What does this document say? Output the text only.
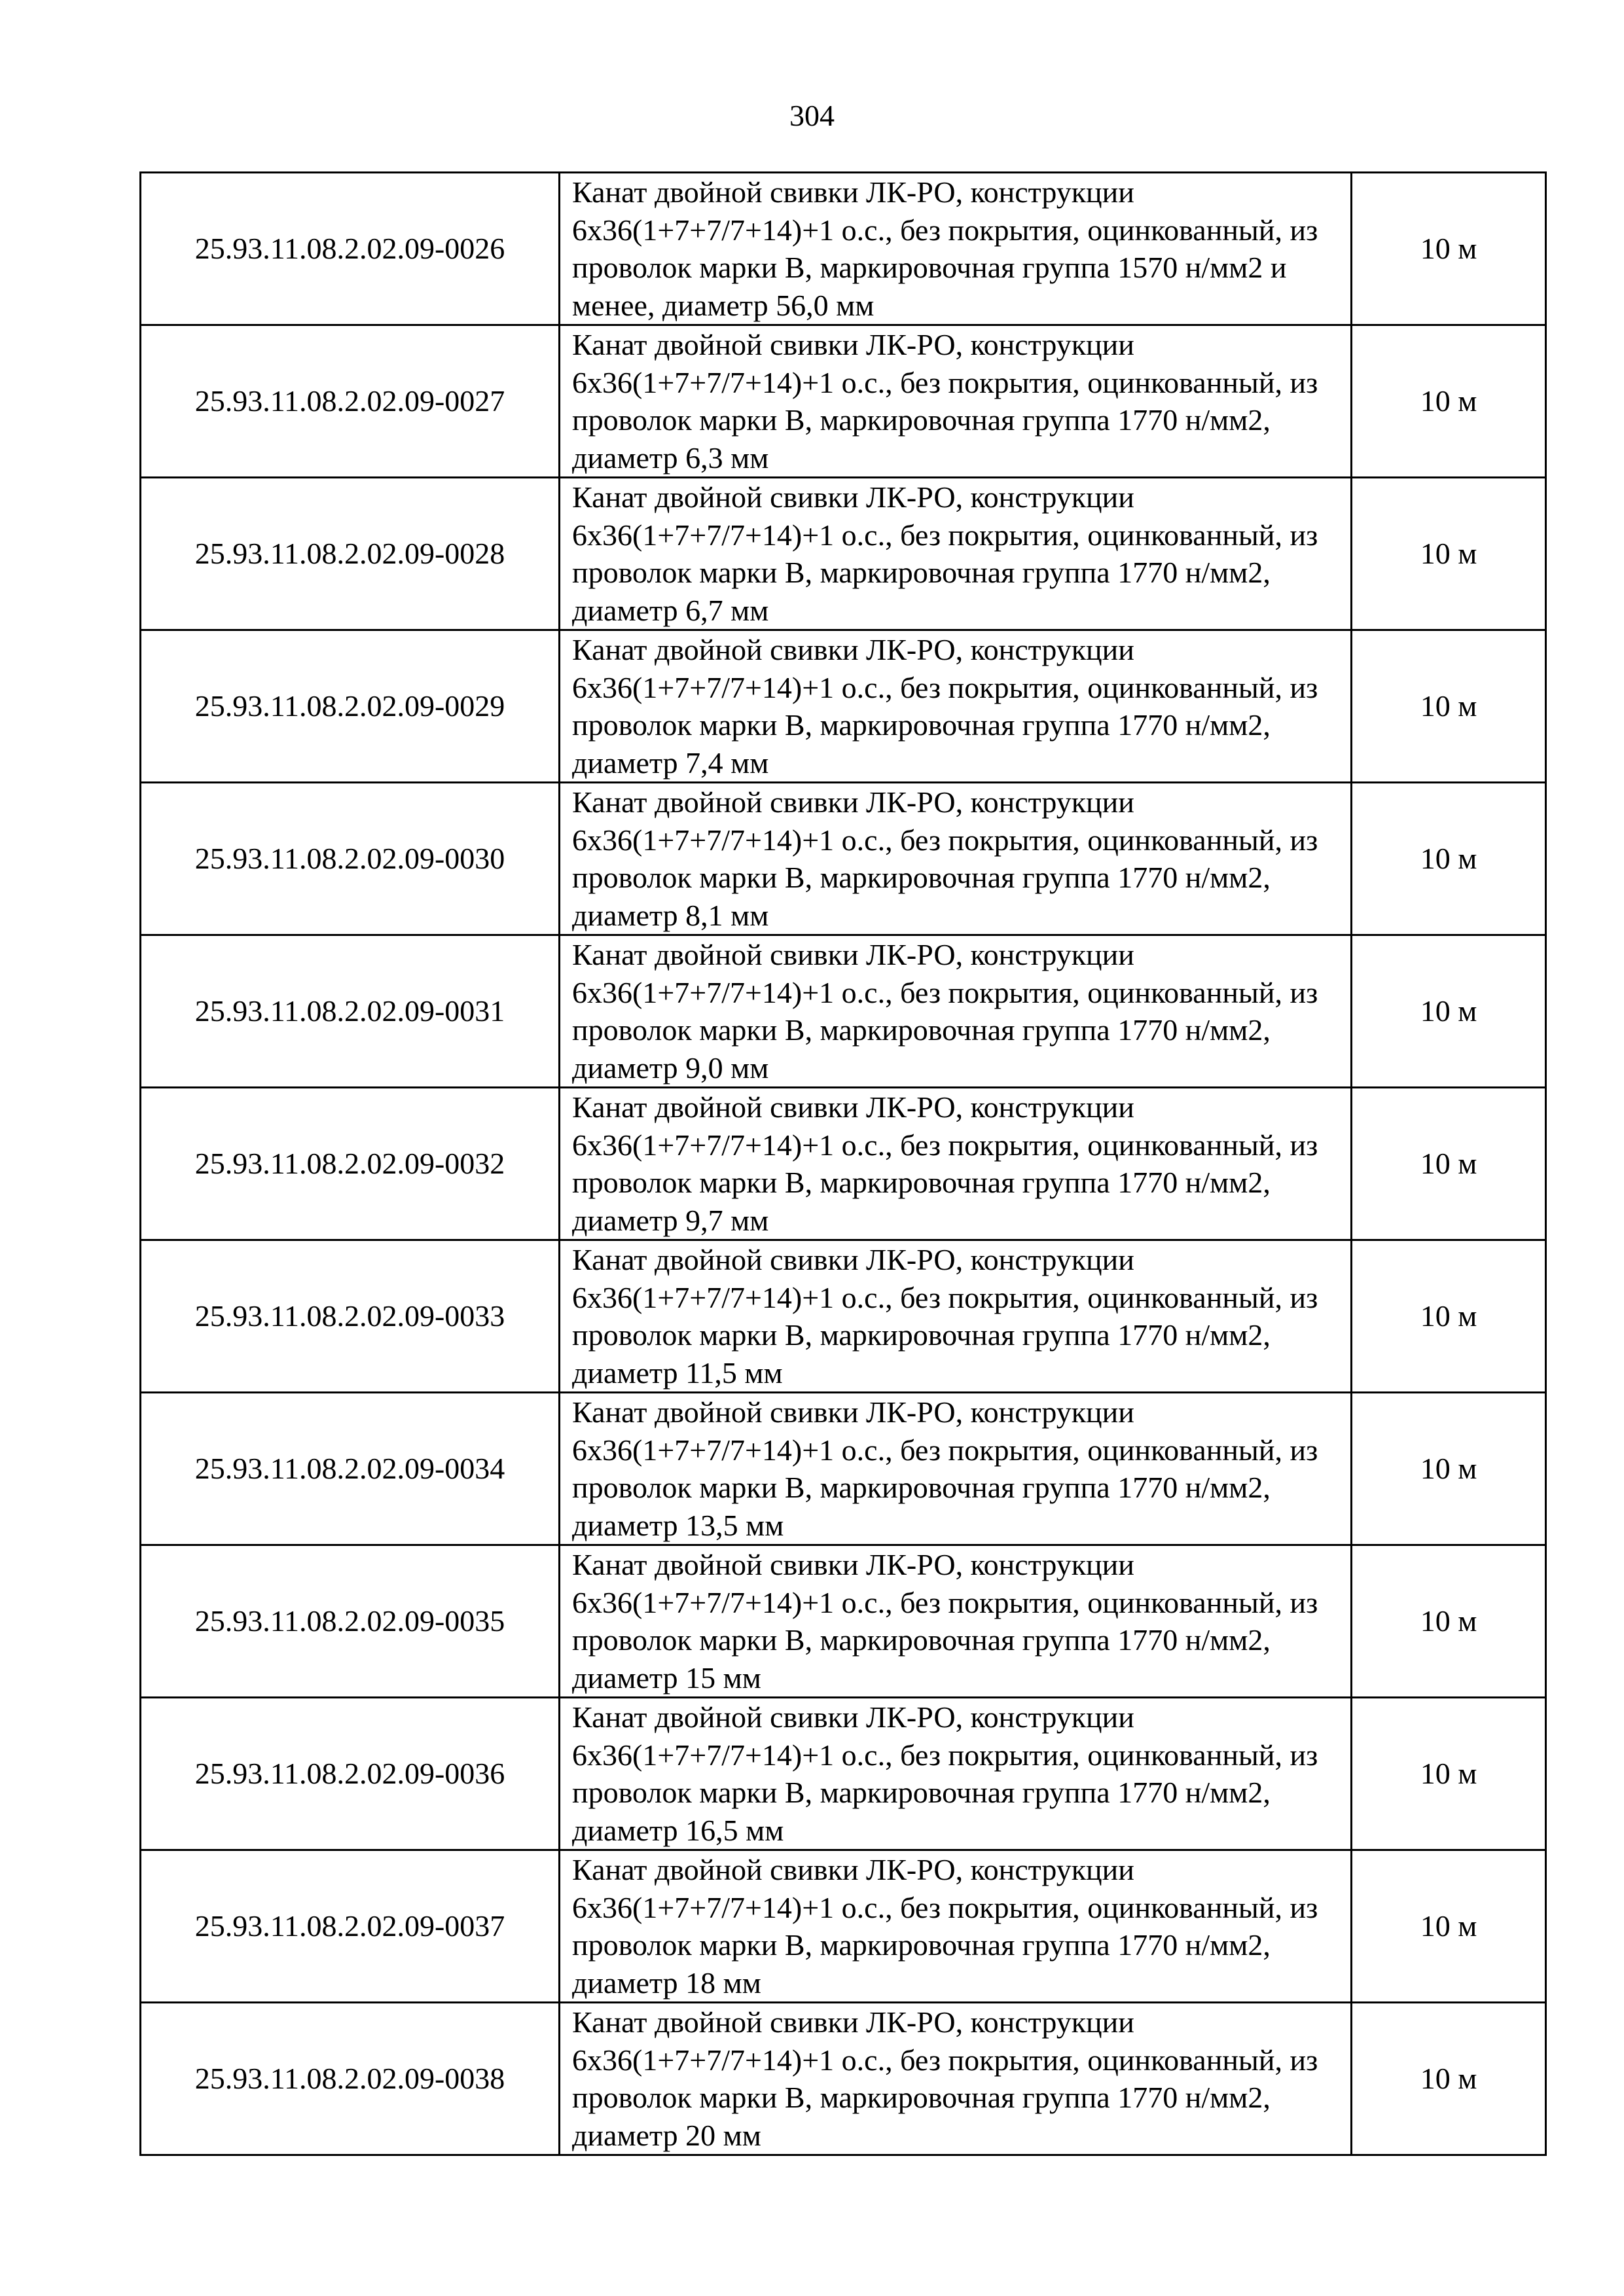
304
25.93.11.08.2.02.09-0026	Канат двойной свивки ЛК-РО, конструкции 6х36(1+7+7/7+14)+1 о.с., без покрытия, оцинкованный, из проволок марки В, маркировочная группа 1570 н/мм2 и менее, диаметр 56,0 мм	10 м
25.93.11.08.2.02.09-0027	Канат двойной свивки ЛК-РО, конструкции 6х36(1+7+7/7+14)+1 о.с., без покрытия, оцинкованный, из проволок марки В, маркировочная группа 1770 н/мм2, диаметр 6,3 мм	10 м
25.93.11.08.2.02.09-0028	Канат двойной свивки ЛК-РО, конструкции 6х36(1+7+7/7+14)+1 о.с., без покрытия, оцинкованный, из проволок марки В, маркировочная группа 1770 н/мм2, диаметр 6,7 мм	10 м
25.93.11.08.2.02.09-0029	Канат двойной свивки ЛК-РО, конструкции 6х36(1+7+7/7+14)+1 о.с., без покрытия, оцинкованный, из проволок марки В, маркировочная группа 1770 н/мм2, диаметр 7,4 мм	10 м
25.93.11.08.2.02.09-0030	Канат двойной свивки ЛК-РО, конструкции 6х36(1+7+7/7+14)+1 о.с., без покрытия, оцинкованный, из проволок марки В, маркировочная группа 1770 н/мм2, диаметр 8,1 мм	10 м
25.93.11.08.2.02.09-0031	Канат двойной свивки ЛК-РО, конструкции 6х36(1+7+7/7+14)+1 о.с., без покрытия, оцинкованный, из проволок марки В, маркировочная группа 1770 н/мм2, диаметр 9,0 мм	10 м
25.93.11.08.2.02.09-0032	Канат двойной свивки ЛК-РО, конструкции 6х36(1+7+7/7+14)+1 о.с., без покрытия, оцинкованный, из проволок марки В, маркировочная группа 1770 н/мм2, диаметр 9,7 мм	10 м
25.93.11.08.2.02.09-0033	Канат двойной свивки ЛК-РО, конструкции 6х36(1+7+7/7+14)+1 о.с., без покрытия, оцинкованный, из проволок марки В, маркировочная группа 1770 н/мм2, диаметр 11,5 мм	10 м
25.93.11.08.2.02.09-0034	Канат двойной свивки ЛК-РО, конструкции 6х36(1+7+7/7+14)+1 о.с., без покрытия, оцинкованный, из проволок марки В, маркировочная группа 1770 н/мм2, диаметр 13,5 мм	10 м
25.93.11.08.2.02.09-0035	Канат двойной свивки ЛК-РО, конструкции 6х36(1+7+7/7+14)+1 о.с., без покрытия, оцинкованный, из проволок марки В, маркировочная группа 1770 н/мм2, диаметр 15 мм	10 м
25.93.11.08.2.02.09-0036	Канат двойной свивки ЛК-РО, конструкции 6х36(1+7+7/7+14)+1 о.с., без покрытия, оцинкованный, из проволок марки В, маркировочная группа 1770 н/мм2, диаметр 16,5 мм	10 м
25.93.11.08.2.02.09-0037	Канат двойной свивки ЛК-РО, конструкции 6х36(1+7+7/7+14)+1 о.с., без покрытия, оцинкованный, из проволок марки В, маркировочная группа 1770 н/мм2, диаметр 18 мм	10 м
25.93.11.08.2.02.09-0038	Канат двойной свивки ЛК-РО, конструкции 6х36(1+7+7/7+14)+1 о.с., без покрытия, оцинкованный, из проволок марки В, маркировочная группа 1770 н/мм2, диаметр 20 мм	10 м
